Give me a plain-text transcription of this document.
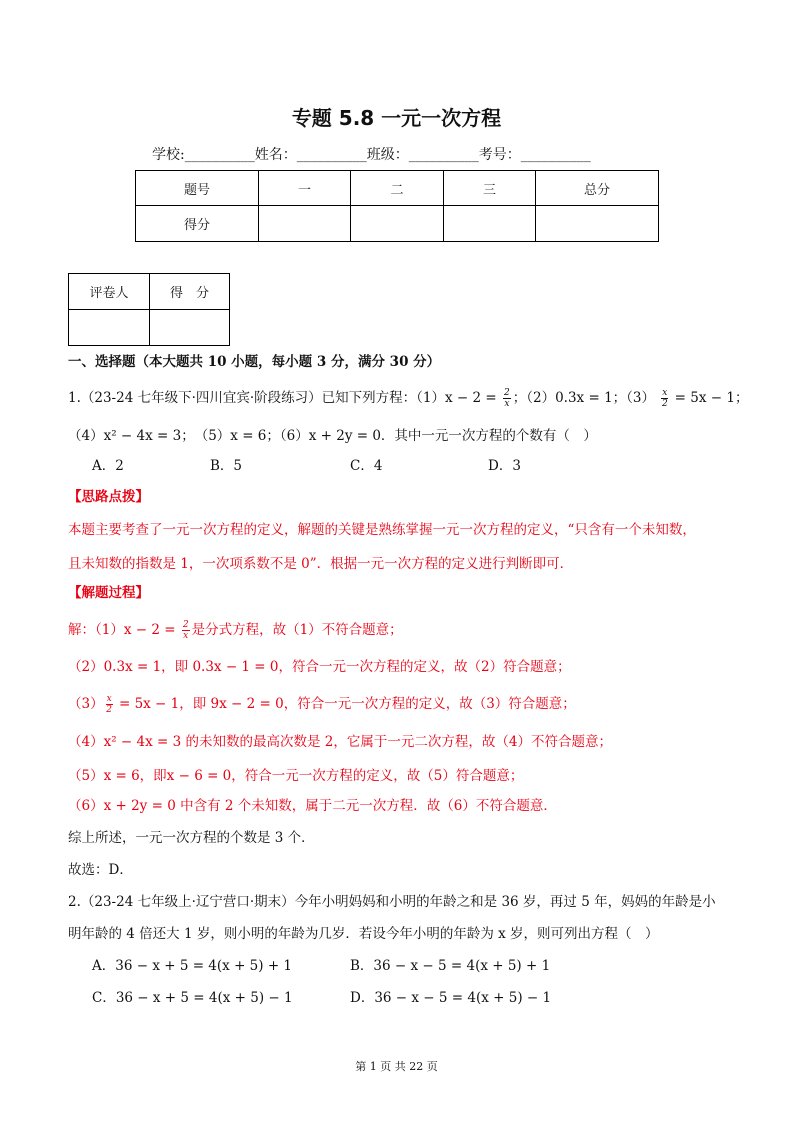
专题 5.8 一元一次方程
学校:__________姓名：__________班级：__________考号：__________
题号	一	二	三	总分
得分				
评卷人	得　分

一、选择题（本大题共 10 小题，每小题 3 分，满分 30 分）
1.（23-24 七年级下·四川宜宾·阶段练习）已知下列方程：$(1)x - 2 = \frac{2}{x}$ ；（2）0.3x = 1；$(3) \frac{x}{2} = 5x - 1$；
（4）x² − 4x = 3；　（5）x = 6；（6）x + 2y = 0．其中一元一次方程的个数有（　）
A．2	B．5	C．4	D．3
【思路点拨】
本题主要考查了一元一次方程的定义，解题的关键是熟练掌握一元一次方程的定义，“只含有一个未知数，
且未知数的指数是 1，一次项系数不是 0”．根据一元一次方程的定义进行判断即可．
【解题过程】
解：$(1)x - 2 = \frac{2}{x}$ 是分式方程，故（1）不符合题意；
（2）0.3x = 1，即 0.3x − 1 = 0，符合一元一次方程的定义，故（2）符合题意；
$(3) \frac{x}{2} = 5x - 1$，即 9x − 2 = 0，符合一元一次方程的定义，故（3）符合题意；
（4）x² − 4x = 3 的未知数的最高次数是 2，它属于一元二次方程，故（4）不符合题意；
（5）x = 6，即x − 6 = 0，符合一元一次方程的定义，故（5）符合题意；
（6）x + 2y = 0 中含有 2 个未知数，属于二元一次方程．故（6）不符合题意．
综上所述，一元一次方程的个数是 3 个．
故选：D．
2.（23-24 七年级上·辽宁营口·期末）今年小明妈妈和小明的年龄之和是 36 岁，再过 5 年，妈妈的年龄是小
明年龄的 4 倍还大 1 岁，则小明的年龄为几岁．若设今年小明的年龄为 x 岁，则可列出方程（　）
A．36 − x + 5 = 4(x + 5) + 1	B．36 − x − 5 = 4(x + 5) + 1
C．36 − x + 5 = 4(x + 5) − 1	D．36 − x − 5 = 4(x + 5) − 1
第 1 页 共 22 页
